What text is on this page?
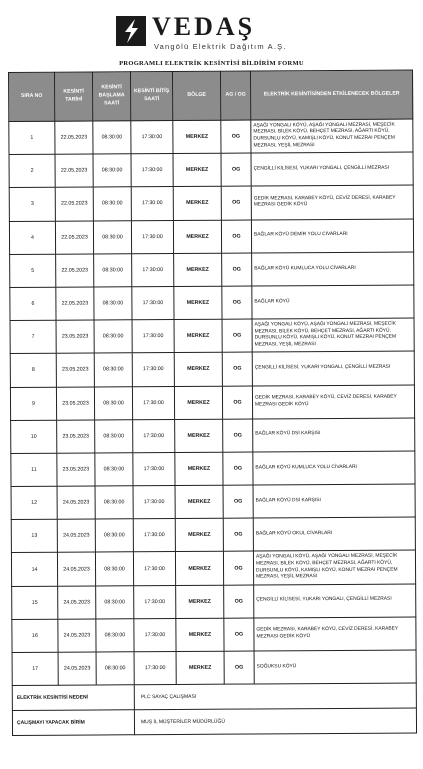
VEDAŞ
Vangölü Elektrik Dağıtım A.Ş.
PROGRAMLI ELEKTRİK KESİNTİSİ BİLDİRİM FORMU
SIRA NO	KESİNTİ TARİHİ	KESİNTİ BAŞLAMA SAATİ	KESİNTİ BİTİŞ SAATİ	BÖLGE	AG / OG	ELEKTRİK KESİNTİSİNDEN ETKİLENECEK BÖLGELER
1	22.05.2023	08:30:00	17:30:00	MERKEZ	OG	AŞAĞI YONGALI KÖYÜ, AŞAĞI YONGALI MEZRASI, MEŞECİK MEZRASI, BİLEK KÖYÜ, BEHÇET MEZRASI, AĞARTI KÖYÜ, DURSUNLU KÖYÜ, KAMIŞLI KÖYÜ, KONUT MEZRAI PENÇEM MEZRASI, YEŞİL MEZRASI
2	22.05.2023	08:30:00	17:30:00	MERKEZ	OG	ÇENGİLLİ KİLİSESİ, YUKARI YONGALI, ÇENGİLLİ MEZRASI
3	22.05.2023	08:30:00	17:30:00	MERKEZ	OG	GEDİK MEZRASI, KARABEY KÖYÜ, CEVİZ DERESİ, KARABEY MEZRASI GEDİK KÖYÜ
4	22.05.2023	08:30:00	17:30:00	MERKEZ	OG	BAĞLAR KÖYÜ DEMİR YOLU CİVARLARI
5	22.05.2023	08:30:00	17:30:00	MERKEZ	OG	BAĞLAR KÖYÜ KUMLUCA YOLU CİVARLARI
6	22.05.2023	08:30:00	17:30:00	MERKEZ	OG	BAĞLAR KÖYÜ
7	23.05.2023	08:30:00	17:30:00	MERKEZ	OG	AŞAĞI YONGALI KÖYÜ, AŞAĞI YONGALI MEZRASI, MEŞECİK MEZRASI, BİLEK KÖYÜ, BEHÇET MEZRASI, AĞARTI KÖYÜ, DURSUNLU KÖYÜ, KAMIŞLI KÖYÜ, KONUT MEZRAI PENÇEM MEZRASI, YEŞİL MEZRASI
8	23.05.2023	08:30:00	17:30:00	MERKEZ	OG	ÇENGİLLİ KİLİSESİ, YUKARI YONGALI, ÇENGİLLİ MEZRASI
9	23.05.2023	08:30:00	17:30:00	MERKEZ	OG	GEDİK MEZRASI, KARABEY KÖYÜ, CEVİZ DERESİ, KARABEY MEZRASI GEDİK KÖYÜ
10	23.05.2023	08:30:00	17:30:00	MERKEZ	OG	BAĞLAR KÖYÜ DSİ KARŞISI
11	23.05.2023	08:30:00	17:30:00	MERKEZ	OG	BAĞLAR KÖYÜ KUMLUCA YOLU CİVARLARI
12	24.05.2023	08:30:00	17:30:00	MERKEZ	OG	BAĞLAR KÖYÜ DSİ KARŞISI
13	24.05.2023	08:30:00	17:30:00	MERKEZ	OG	BAĞLAR KÖYÜ OKUL CİVARLARI
14	24.05.2023	08:30:00	17:30:00	MERKEZ	OG	AŞAĞI YONGALI KÖYÜ, AŞAĞI YONGALI MEZRASI, MEŞECİK MEZRASI, BİLEK KÖYÜ, BEHÇET MEZRASI, AĞARTI KÖYÜ, DURSUNLU KÖYÜ, KAMIŞLI KÖYÜ, KONUT MEZRAI PENÇEM MEZRASI, YEŞİL MEZRASI
15	24.05.2023	08:30:00	17:30:00	MERKEZ	OG	ÇENGİLLİ KİLİSESİ, YUKARI YONGALI, ÇENGİLLİ MEZRASI
16	24.05.2023	08:30:00	17:30:00	MERKEZ	OG	GEDİK MEZRASI, KARABEY KÖYÜ, CEVİZ DERESİ, KARABEY MEZRASI GEDİK KÖYÜ
17	24.05.2023	08:30:00	17:30:00	MERKEZ	OG	SOĞUKSU KÖYÜ
ELEKTRİK KESİNTİSİ NEDENİ			PLC SAYAÇ ÇALIŞMASI			
ÇALIŞMAYI YAPACAK BİRİM			MUŞ İL MÜŞTERİLER MÜDÜRLÜĞÜ			
